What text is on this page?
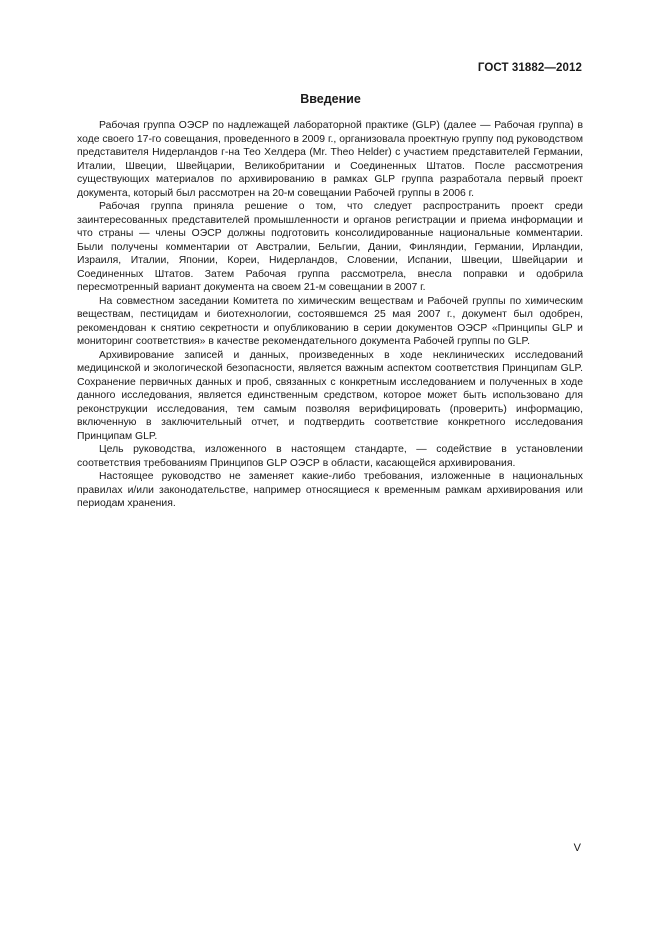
ГОСТ 31882—2012
Введение

Рабочая группа ОЭСР по надлежащей лабораторной практике (GLP) (далее — Рабочая группа) в ходе своего 17-го совещания, проведенного в 2009 г., организовала проектную группу под руководством представителя Нидерландов г-на Тео Хелдера (Mr. Theo Helder) с участием представителей Германии, Италии, Швеции, Швейцарии, Великобритании и Соединенных Штатов. После рассмотрения существующих материалов по архивированию в рамках GLP группа разработала первый проект документа, который был рассмотрен на 20-м совещании Рабочей группы в 2006 г.

Рабочая группа приняла решение о том, что следует распространить проект среди заинтересованных представителей промышленности и органов регистрации и приема информации и что страны — члены ОЭСР должны подготовить консолидированные национальные комментарии. Были получены комментарии от Австралии, Бельгии, Дании, Финляндии, Германии, Ирландии, Израиля, Италии, Японии, Кореи, Нидерландов, Словении, Испании, Швеции, Швейцарии и Соединенных Штатов. Затем Рабочая группа рассмотрела, внесла поправки и одобрила пересмотренный вариант документа на своем 21-м совещании в 2007 г.

На совместном заседании Комитета по химическим веществам и Рабочей группы по химическим веществам, пестицидам и биотехнологии, состоявшемся 25 мая 2007 г., документ был одобрен, рекомендован к снятию секретности и опубликованию в серии документов ОЭСР «Принципы GLP и мониторинг соответствия» в качестве рекомендательного документа Рабочей группы по GLP.

Архивирование записей и данных, произведенных в ходе неклинических исследований медицинской и экологической безопасности, является важным аспектом соответствия Принципам GLP. Сохранение первичных данных и проб, связанных с конкретным исследованием и полученных в ходе данного исследования, является единственным средством, которое может быть использовано для реконструкции исследования, тем самым позволяя верифицировать (проверить) информацию, включенную в заключительный отчет, и подтвердить соответствие конкретного исследования Принципам GLP.

Цель руководства, изложенного в настоящем стандарте, — содействие в установлении соответствия требованиям Принципов GLP ОЭСР в области, касающейся архивирования.

Настоящее руководство не заменяет какие-либо требования, изложенные в национальных правилах и/или законодательстве, например относящиеся к временным рамкам архивирования или периодам хранения.

V
